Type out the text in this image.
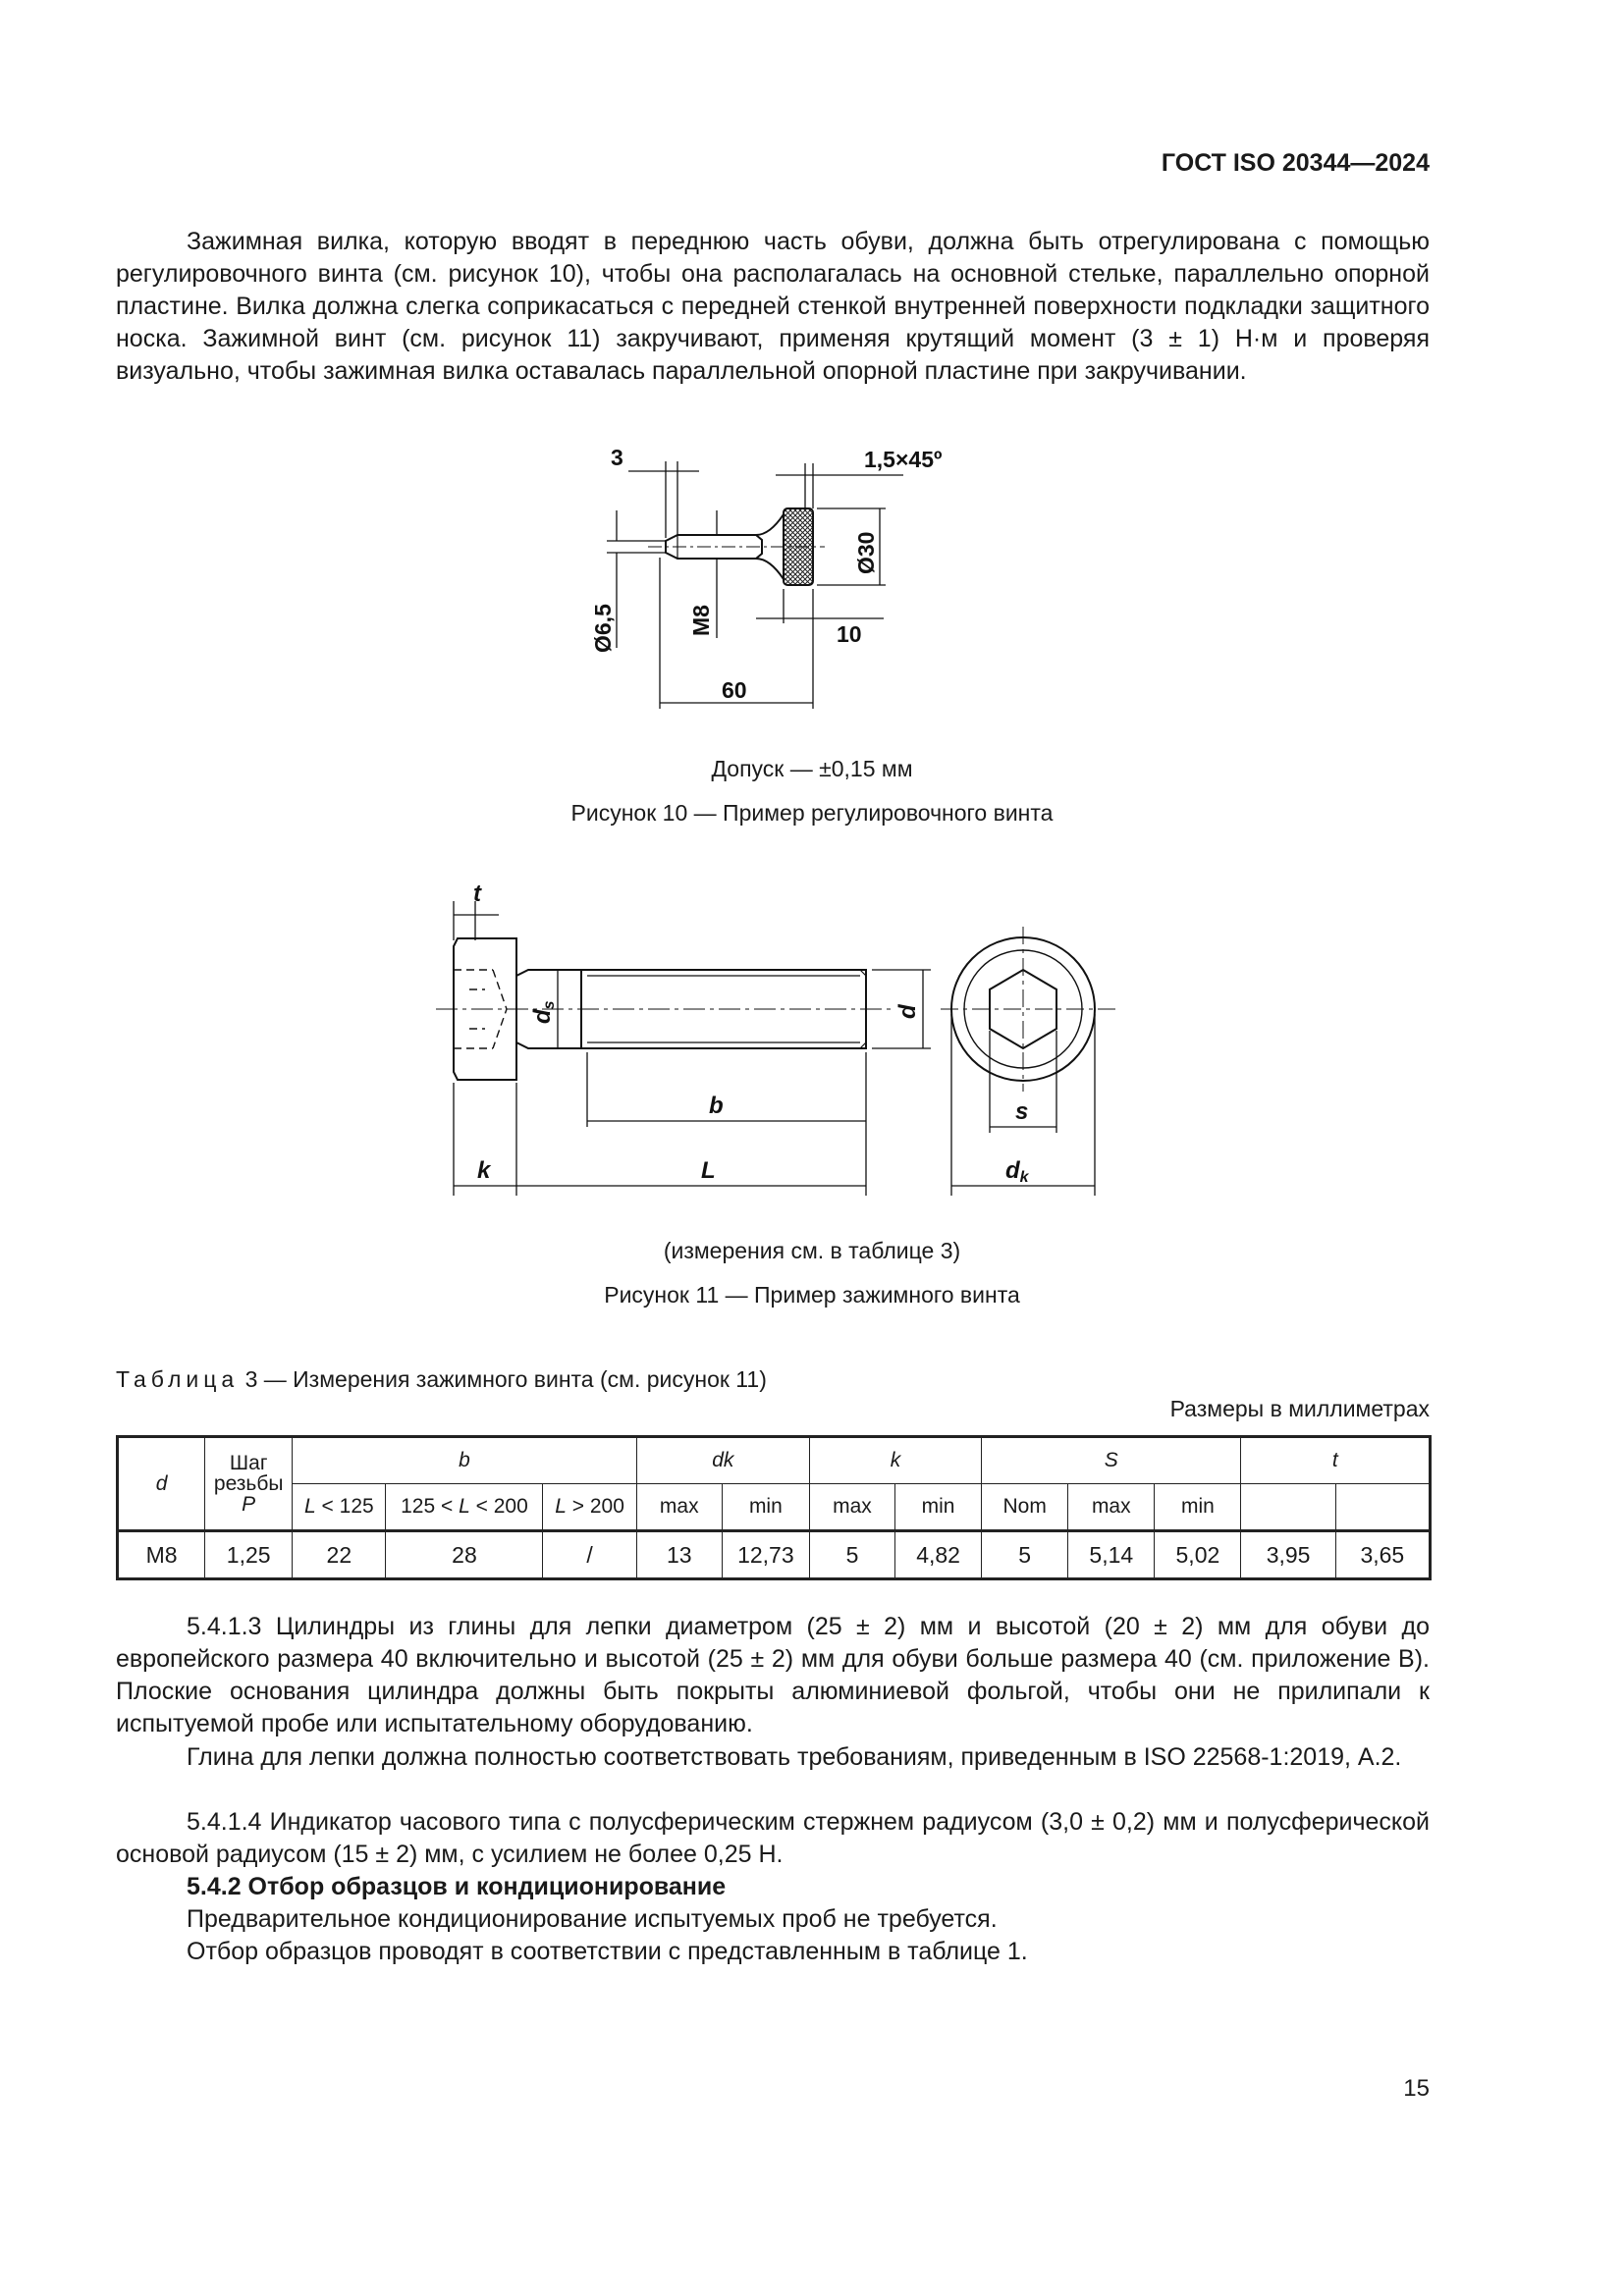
ГОСТ ISO 20344—2024

Зажимная вилка, которую вводят в переднюю часть обуви, должна быть отрегулирована с помощью регулировочного винта (см. рисунок 10), чтобы она располагалась на основной стельке, параллельно опорной пластине. Вилка должна слегка соприкасаться с передней стенкой внутренней поверхности подкладки защитного носка. Зажимной винт (см. рисунок 11) закручивают, применяя крутящий момент (3 ± 1) Н·м и проверяя визуально, чтобы зажимная вилка оставалась параллельной опорной пластине при закручивании.

3	1,5×45º
Ø30
Ø6,5	M8	10
60
Допуск — ±0,15 мм
Рисунок 10 — Пример регулировочного винта
t
ds	d
b
k	L
s
dk
(измерения см. в таблице 3)
Рисунок 11 — Пример зажимного винта
Таблица 3 — Измерения зажимного винта (см. рисунок 11)
Размеры в миллиметрах
d	Шаг
резьбы
P	b			dk		k		S			t	
		L < 125	125 < L < 200	L > 200	max	min	max	min	Nom	max	min		
M8	1,25	22	28	/	13	12,73	5	4,82	5	5,14	5,02	3,95	3,65

5.4.1.3 Цилиндры из глины для лепки диаметром (25 ± 2) мм и высотой (20 ± 2) мм для обуви до европейского размера 40 включительно и высотой (25 ± 2) мм для обуви больше размера 40 (см. приложение В). Плоские основания цилиндра должны быть покрыты алюминиевой фольгой, чтобы они не прилипали к испытуемой пробе или испытательному оборудованию.

Глина для лепки должна полностью соответствовать требованиям, приведенным в ISO 22568-1:2019, А.2.

5.4.1.4 Индикатор часового типа с полусферическим стержнем радиусом (3,0 ± 0,2) мм и полусферической основой радиусом (15 ± 2) мм, с усилием не более 0,25 Н.

5.4.2 Отбор образцов и кондиционирование

Предварительное кондиционирование испытуемых проб не требуется.

Отбор образцов проводят в соответствии с представленным в таблице 1.

15
